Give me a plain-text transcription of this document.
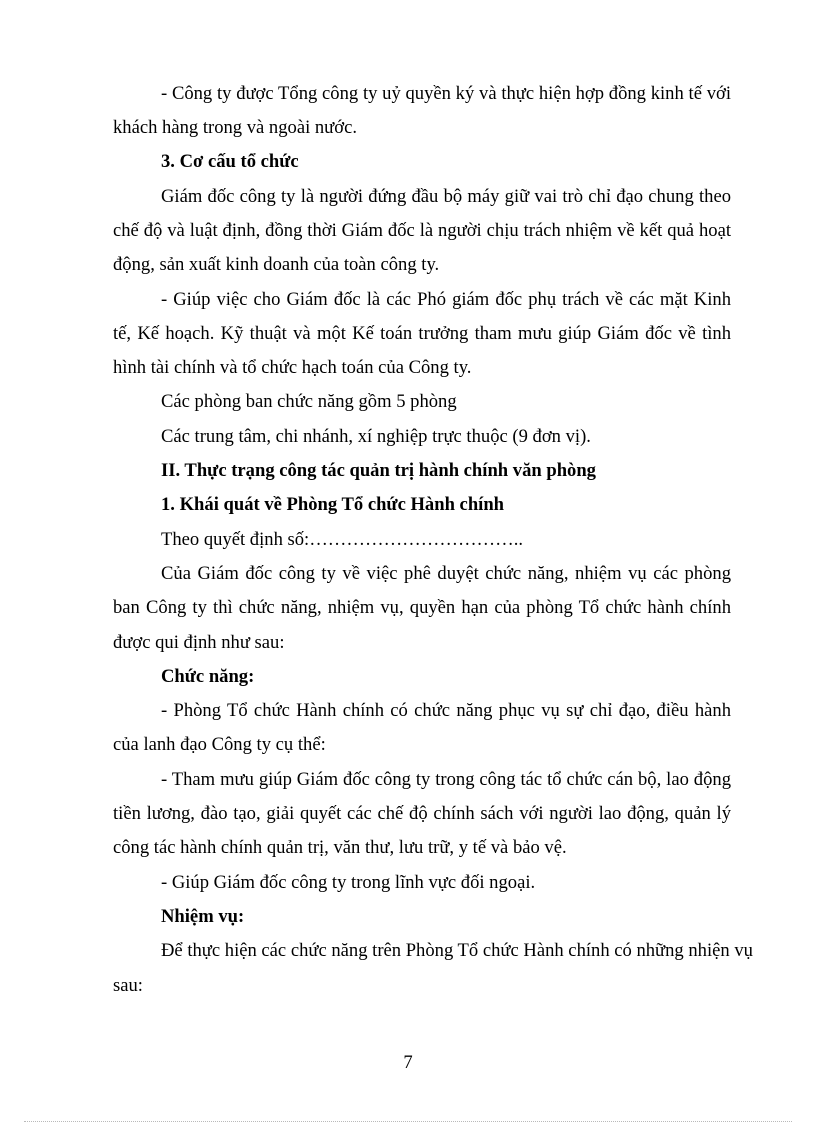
- Công ty được Tổng công ty uỷ quyền ký và thực hiện hợp đồng kinh tế với
khách hàng trong và ngoài nước.
3. Cơ cấu tổ chức
Giám đốc công ty là người đứng đầu bộ máy giữ vai trò chỉ đạo chung theo
chế độ và luật định, đồng thời Giám đốc là người chịu trách nhiệm về kết quả hoạt
động, sản xuất kinh doanh của toàn công ty.
- Giúp việc cho Giám đốc là các Phó giám đốc phụ trách về các mặt Kinh
tế, Kế hoạch. Kỹ thuật và một Kế toán trưởng tham mưu giúp Giám đốc về tình
hình tài chính và tổ chức hạch toán của Công ty.
Các phòng ban chức năng gồm 5 phòng
Các trung tâm, chi nhánh, xí nghiệp trực thuộc (9 đơn vị).
II. Thực trạng công tác quản trị hành chính văn phòng
1. Khái quát về Phòng Tổ chức Hành chính
Theo quyết định số:……………………………..
Của Giám đốc công ty về việc phê duyệt chức năng, nhiệm vụ các phòng
ban Công ty thì chức năng, nhiệm vụ, quyền hạn của phòng Tổ chức hành chính
được qui định như sau:
Chức năng:
- Phòng Tổ chức Hành chính có chức năng phục vụ sự chỉ đạo, điều hành
của lanh đạo Công ty cụ thể:
- Tham mưu giúp Giám đốc công ty trong công tác tổ chức cán bộ, lao động
tiền lương, đào tạo, giải quyết các chế độ chính sách với người lao động, quản lý
công tác hành chính quản trị, văn thư, lưu trữ, y tế và bảo vệ.
- Giúp Giám đốc công ty trong lĩnh vực đối ngoại.
Nhiệm vụ:
Để thực hiện các chức năng trên Phòng Tổ chức Hành chính có những nhiện vụ
sau:
7
